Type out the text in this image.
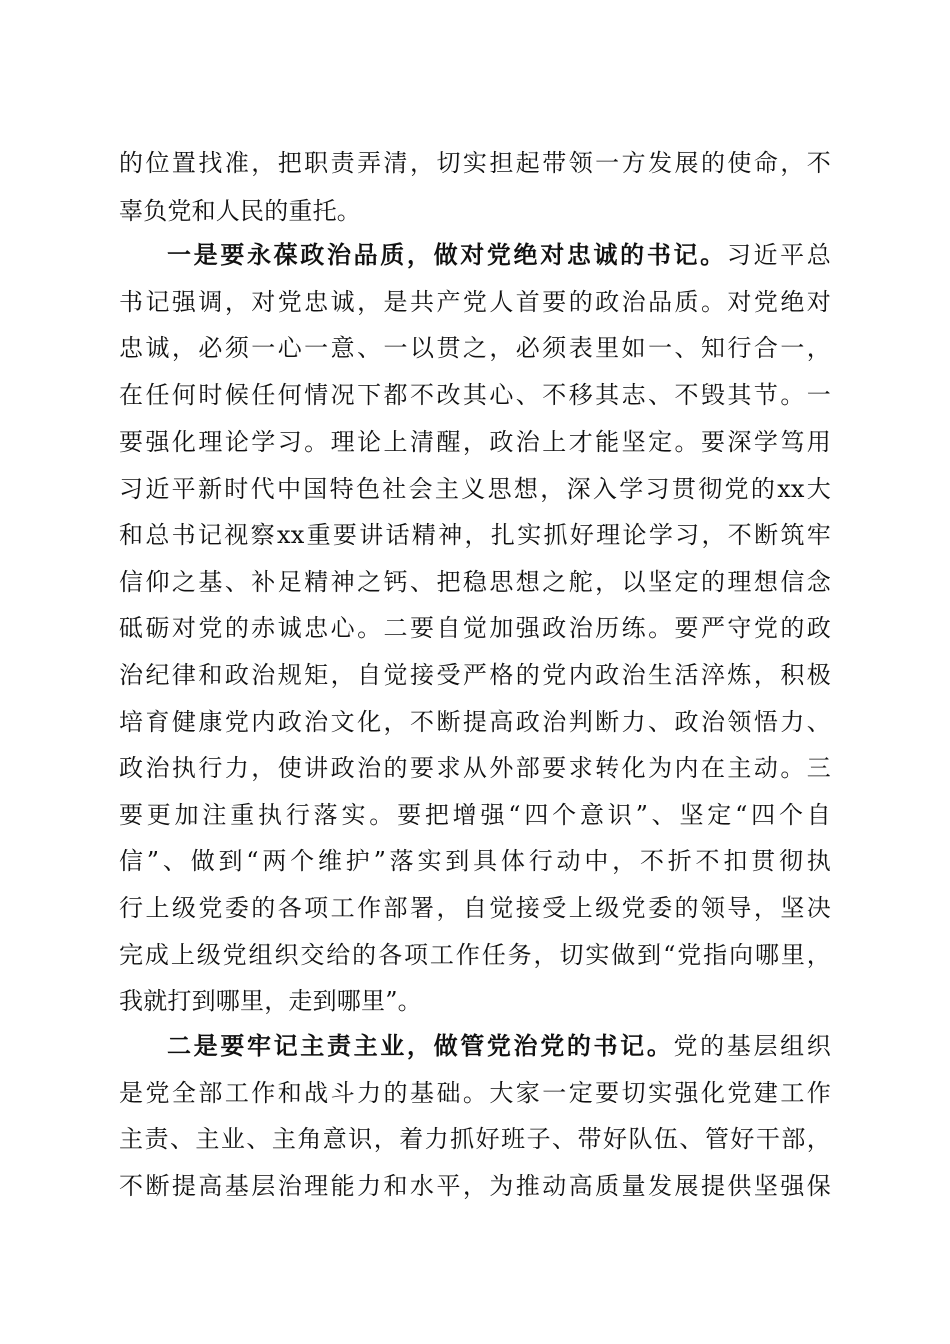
的位置找准，把职责弄清，切实担起带领一方发展的使命，不
辜负党和人民的重托。
一是要永葆政治品质，做对党绝对忠诚的书记。习近平总
书记强调，对党忠诚，是共产党人首要的政治品质。对党绝对
忠诚，必须一心一意、一以贯之，必须表里如一、知行合一，
在任何时候任何情况下都不改其心、不移其志、不毁其节。一
要强化理论学习。理论上清醒，政治上才能坚定。要深学笃用
习近平新时代中国特色社会主义思想，深入学习贯彻党的xx大
和总书记视察xx重要讲话精神，扎实抓好理论学习，不断筑牢
信仰之基、补足精神之钙、把稳思想之舵，以坚定的理想信念
砥砺对党的赤诚忠心。二要自觉加强政治历练。要严守党的政
治纪律和政治规矩，自觉接受严格的党内政治生活淬炼，积极
培育健康党内政治文化，不断提高政治判断力、政治领悟力、
政治执行力，使讲政治的要求从外部要求转化为内在主动。三
要更加注重执行落实。要把增强“四个意识”、坚定“四个自
信”、做到“两个维护”落实到具体行动中，不折不扣贯彻执
行上级党委的各项工作部署，自觉接受上级党委的领导，坚决
完成上级党组织交给的各项工作任务，切实做到“党指向哪里，
我就打到哪里，走到哪里”。
二是要牢记主责主业，做管党治党的书记。党的基层组织
是党全部工作和战斗力的基础。大家一定要切实强化党建工作
主责、主业、主角意识，着力抓好班子、带好队伍、管好干部，
不断提高基层治理能力和水平，为推动高质量发展提供坚强保
